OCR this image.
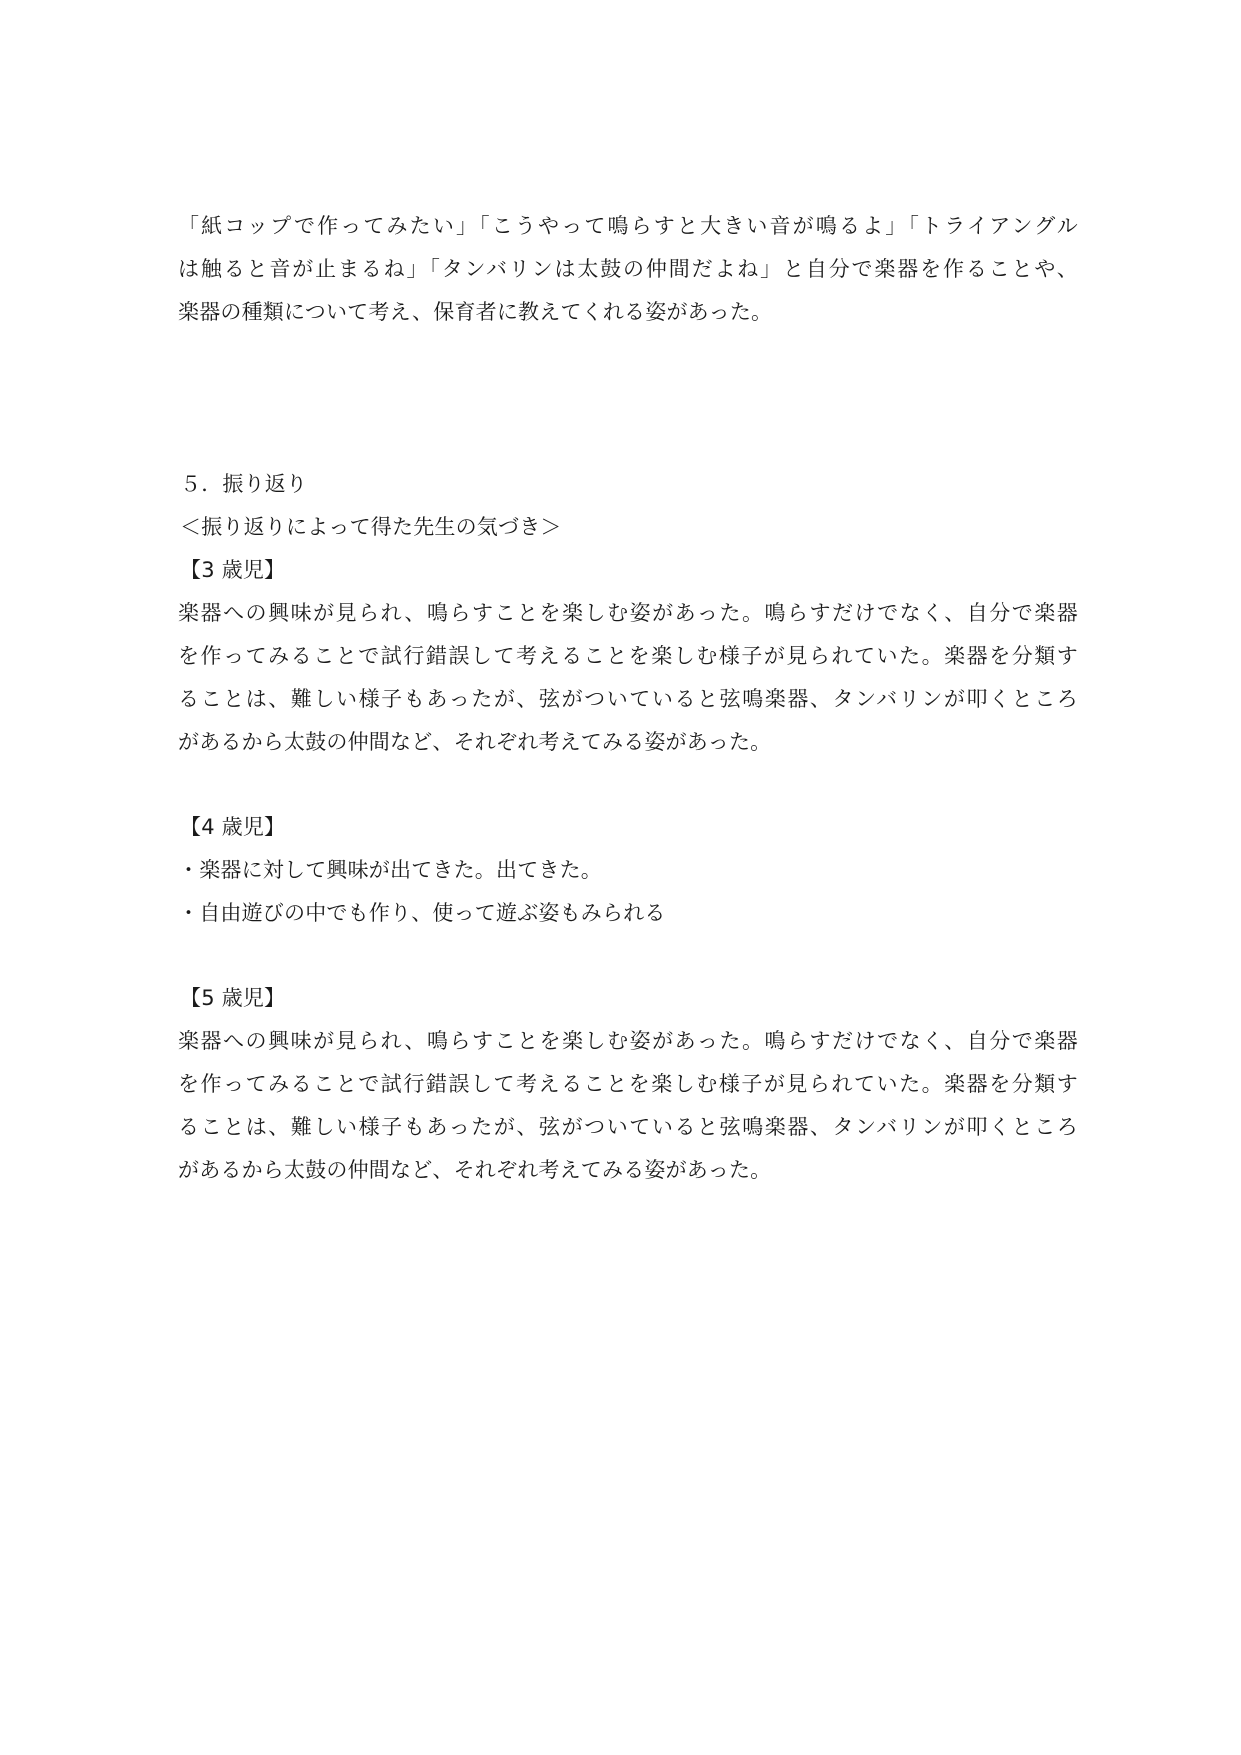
「紙コップで作ってみたい」「こうやって鳴らすと大きい音が鳴るよ」「トライアングル
は触ると音が止まるね」「タンバリンは太鼓の仲間だよね」と自分で楽器を作ることや、
楽器の種類について考え、保育者に教えてくれる姿があった。
５．振り返り
＜振り返りによって得た先生の気づき＞
【3 歳児】
楽器への興味が見られ、鳴らすことを楽しむ姿があった。鳴らすだけでなく、自分で楽器
を作ってみることで試行錯誤して考えることを楽しむ様子が見られていた。楽器を分類す
ることは、難しい様子もあったが、弦がついていると弦鳴楽器、タンバリンが叩くところ
があるから太鼓の仲間など、それぞれ考えてみる姿があった。
【4 歳児】
・楽器に対して興味が出てきた。出てきた。
・自由遊びの中でも作り、使って遊ぶ姿もみられる
【5 歳児】
楽器への興味が見られ、鳴らすことを楽しむ姿があった。鳴らすだけでなく、自分で楽器
を作ってみることで試行錯誤して考えることを楽しむ様子が見られていた。楽器を分類す
ることは、難しい様子もあったが、弦がついていると弦鳴楽器、タンバリンが叩くところ
があるから太鼓の仲間など、それぞれ考えてみる姿があった。
